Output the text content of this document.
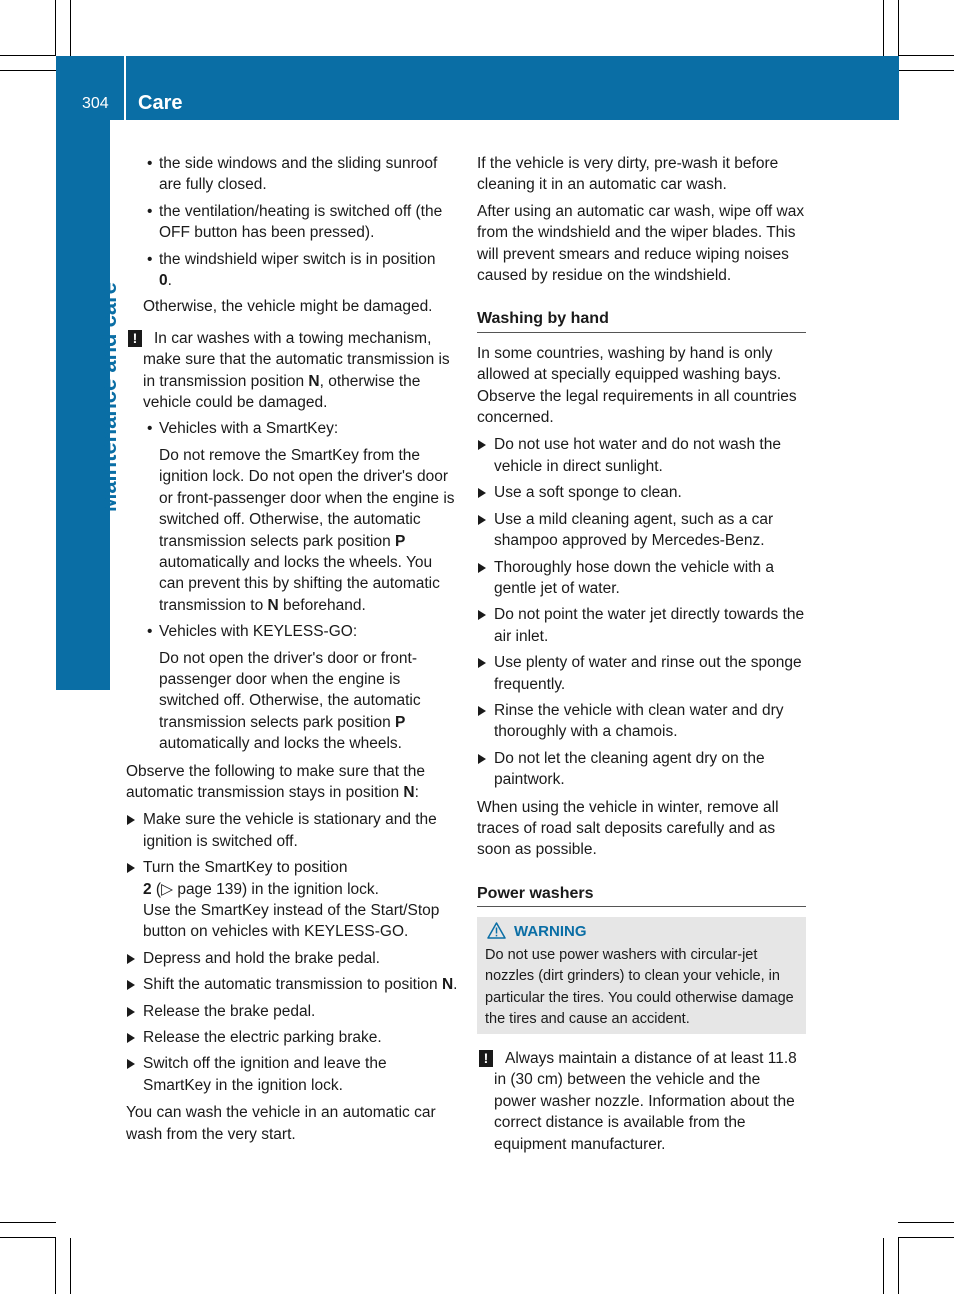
304 Care
Maintenance and care
• the side windows and the sliding sunroof are fully closed.
• the ventilation/heating is switched off (the OFF button has been pressed).
• the windshield wiper switch is in position
0.

Otherwise, the vehicle might be damaged.

!	In car washes with a towing mechanism, make sure that the automatic transmission is in transmission position N, otherwise the vehicle could be damaged.
• Vehicles with a SmartKey:

Do not remove the SmartKey from the ignition lock. Do not open the driver's door or front-passenger door when the engine is switched off. Otherwise, the automatic transmission selects park position P automatically and locks the wheels. You can prevent this by shifting the automatic transmission to N beforehand.

• Vehicles with KEYLESS-GO:

Do not open the driver's door or front-passenger door when the engine is switched off. Otherwise, the automatic transmission selects park position P automatically and locks the wheels.

Observe the following to make sure that the automatic transmission stays in position N:

Make sure the vehicle is stationary and the ignition is switched off.
Turn the SmartKey to position
2 (▷ page 139) in the ignition lock.
Use the SmartKey instead of the Start/Stop button on vehicles with KEYLESS-GO.
Depress and hold the brake pedal.
Shift the automatic transmission to position N.
Release the brake pedal.
Release the electric parking brake.
Switch off the ignition and leave the SmartKey in the ignition lock.

You can wash the vehicle in an automatic car wash from the very start.

If the vehicle is very dirty, pre-wash it before cleaning it in an automatic car wash.

After using an automatic car wash, wipe off wax from the windshield and the wiper blades. This will prevent smears and reduce wiping noises caused by residue on the windshield.

Washing by hand

In some countries, washing by hand is only allowed at specially equipped washing bays. Observe the legal requirements in all countries concerned.

Do not use hot water and do not wash the vehicle in direct sunlight.
Use a soft sponge to clean.
Use a mild cleaning agent, such as a car shampoo approved by Mercedes-Benz.
Thoroughly hose down the vehicle with a gentle jet of water.
Do not point the water jet directly towards the air inlet.
Use plenty of water and rinse out the sponge frequently.
Rinse the vehicle with clean water and dry thoroughly with a chamois.
Do not let the cleaning agent dry on the paintwork.

When using the vehicle in winter, remove all traces of road salt deposits carefully and as soon as possible.

Power washers
WARNING

Do not use power washers with circular-jet nozzles (dirt grinders) to clean your vehicle, in particular the tires. You could otherwise damage the tires and cause an accident.

!	Always maintain a distance of at least 11.8 in (30 cm) between the vehicle and the power washer nozzle. Information about the correct distance is available from the equipment manufacturer.
